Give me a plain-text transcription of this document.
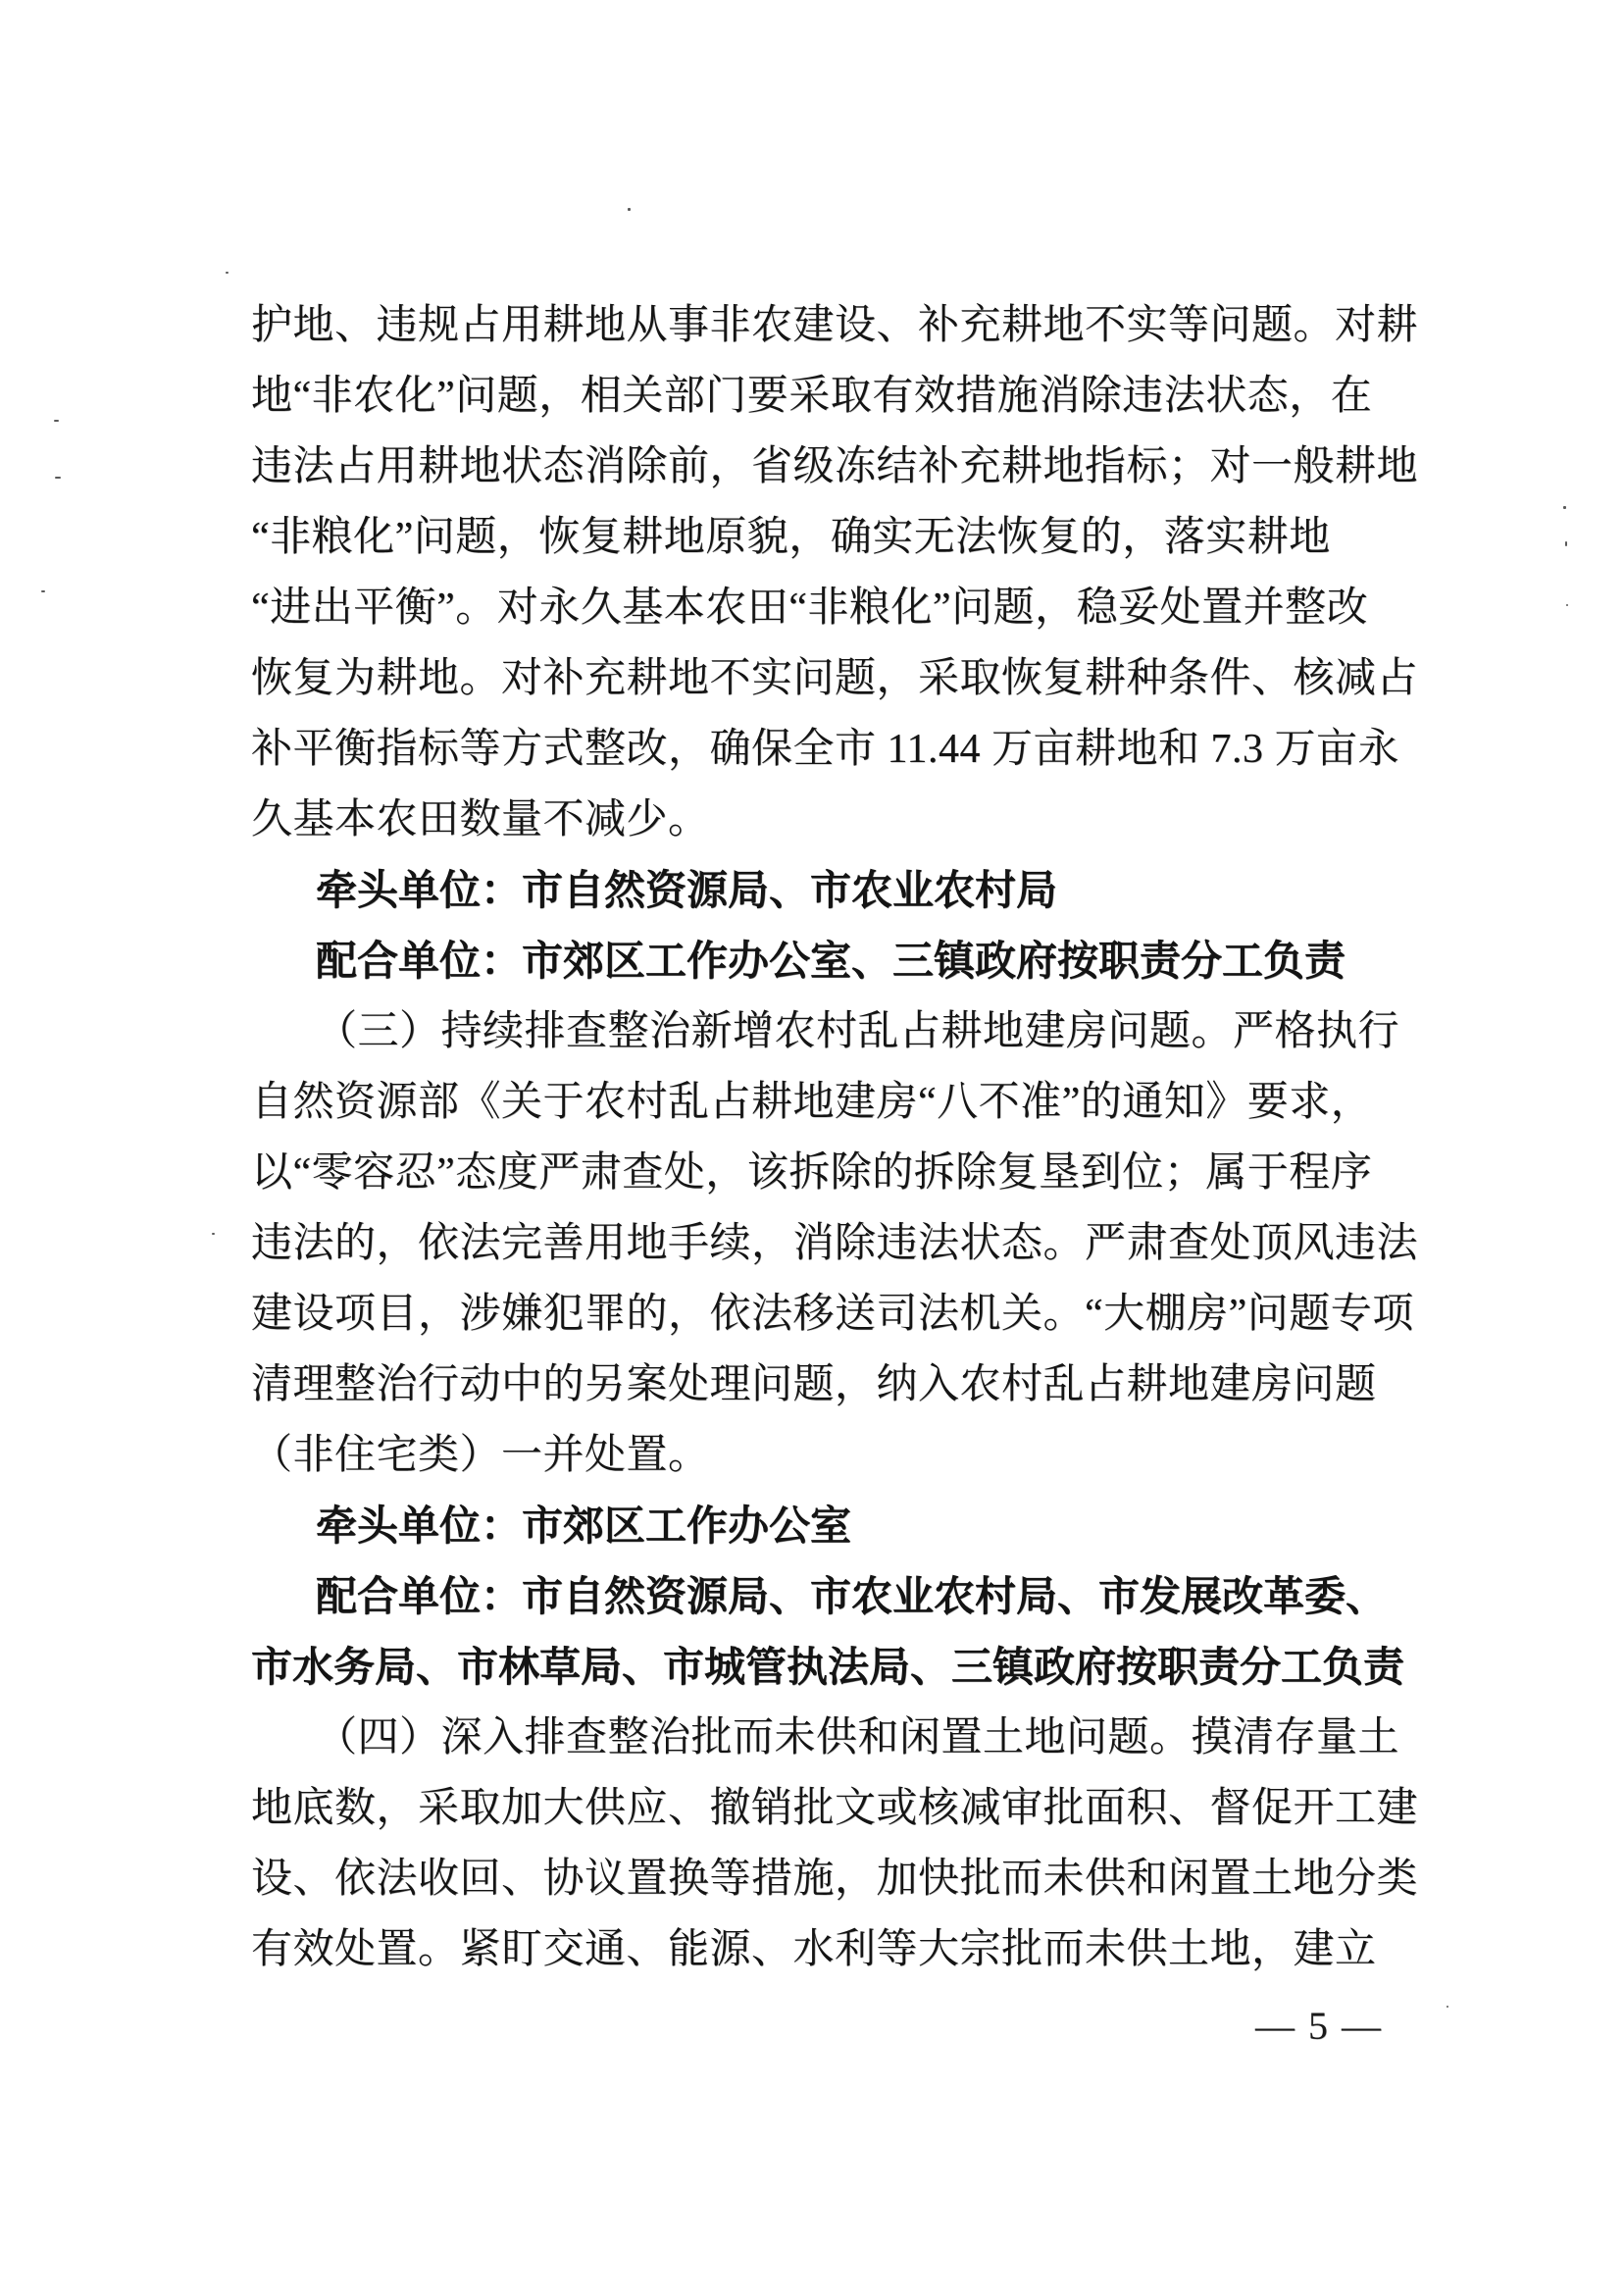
护地、违规占用耕地从事非农建设、补充耕地不实等问题。对耕
地“非农化”问题，相关部门要采取有效措施消除违法状态，在
违法占用耕地状态消除前，省级冻结补充耕地指标；对一般耕地
“非粮化”问题，恢复耕地原貌，确实无法恢复的，落实耕地
“进出平衡”。对永久基本农田“非粮化”问题，稳妥处置并整改
恢复为耕地。对补充耕地不实问题，采取恢复耕种条件、核减占
补平衡指标等方式整改，确保全市 11.44 万亩耕地和 7.3 万亩永
久基本农田数量不减少。
牵头单位：市自然资源局、市农业农村局
配合单位：市郊区工作办公室、三镇政府按职责分工负责
（三）持续排查整治新增农村乱占耕地建房问题。严格执行
自然资源部《关于农村乱占耕地建房“八不准”的通知》要求，
以“零容忍”态度严肃查处，该拆除的拆除复垦到位；属于程序
违法的，依法完善用地手续，消除违法状态。严肃查处顶风违法
建设项目，涉嫌犯罪的，依法移送司法机关。“大棚房”问题专项
清理整治行动中的另案处理问题，纳入农村乱占耕地建房问题
（非住宅类）一并处置。
牵头单位：市郊区工作办公室
配合单位：市自然资源局、市农业农村局、市发展改革委、
市水务局、市林草局、市城管执法局、三镇政府按职责分工负责
（四）深入排查整治批而未供和闲置土地问题。摸清存量土
地底数，采取加大供应、撤销批文或核减审批面积、督促开工建
设、依法收回、协议置换等措施，加快批而未供和闲置土地分类
有效处置。紧盯交通、能源、水利等大宗批而未供土地，建立
— 5 —
